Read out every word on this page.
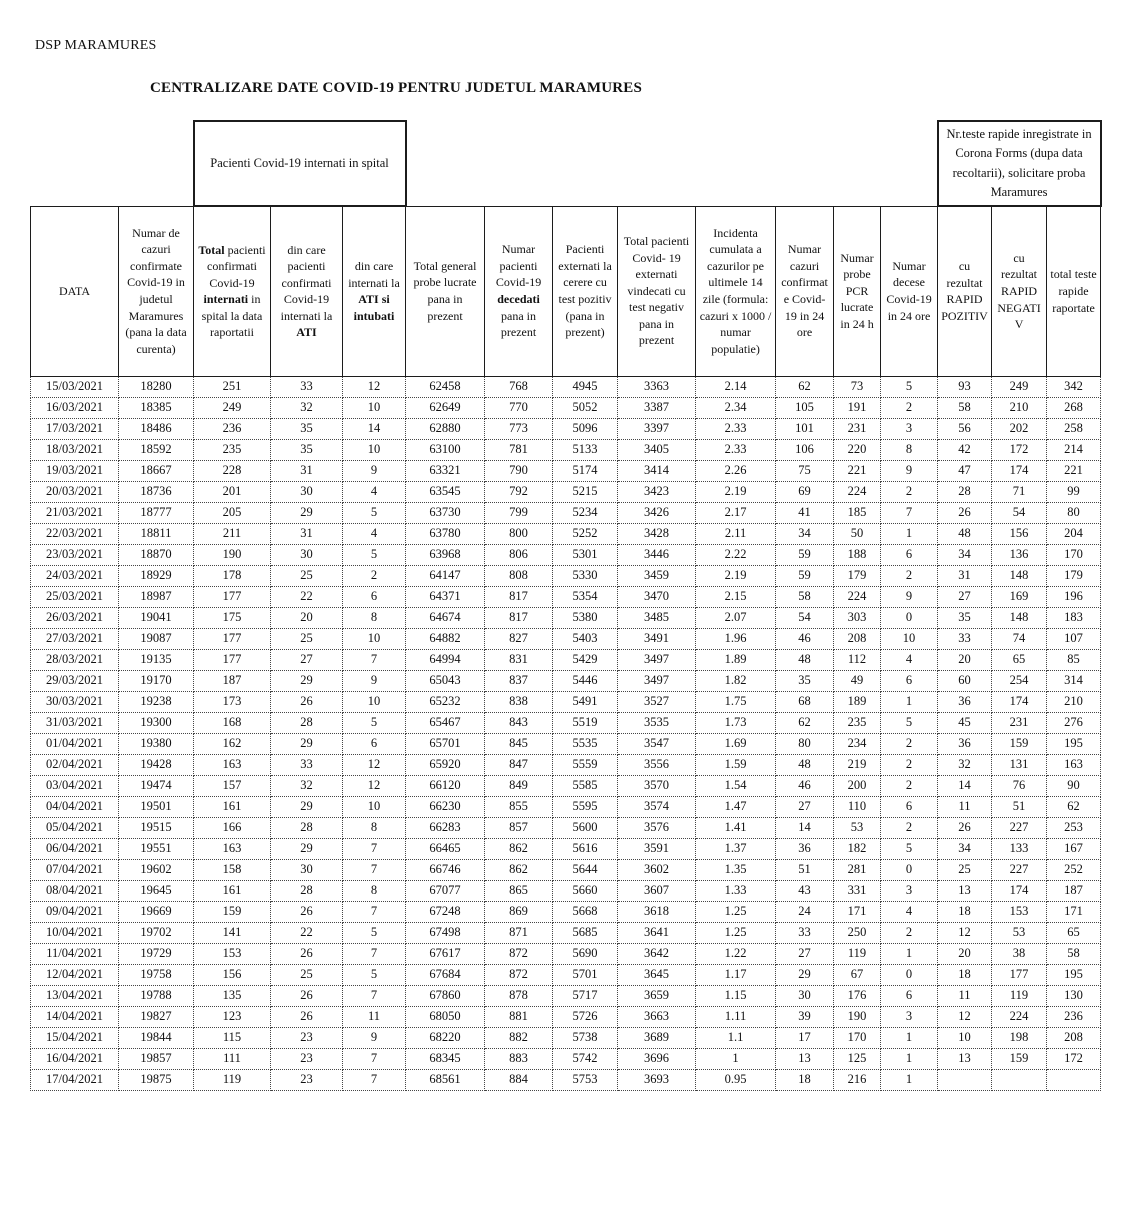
DSP MARAMURES
CENTRALIZARE DATE COVID-19 PENTRU JUDETUL MARAMURES
		Pacienti Covid-19 internati in spital											Nr.teste rapide inregistrate in Corona Forms (dupa data recoltarii), solicitare proba Maramures		
DATA	Numar de cazuri confirmate Covid-19 in judetul Maramures (pana la data curenta)	Total pacienti confirmati Covid-19 internati in spital la data raportatii	din care pacienti confirmati Covid-19 internati la ATI	din care internati la ATI si intubati	Total general probe lucrate pana in prezent	Numar pacienti Covid-19 decedati pana in prezent	Pacienti externati la cerere cu test pozitiv (pana in prezent)	Total pacienti Covid- 19 externati vindecati cu test negativ pana in prezent	Incidenta cumulata a cazurilor pe ultimele 14 zile (formula: cazuri x 1000 / numar populatie)	Numar cazuri confirmate Covid-19 in 24 ore	Numar probe PCR lucrate in 24 h	Numar decese Covid-19 in 24 ore	cu rezultat RAPID POZITIV	cu rezultat RAPID NEGATIV	total teste rapide raportate
15/03/2021	18280	251	33	12	62458	768	4945	3363	2.14	62	73	5	93	249	342
16/03/2021	18385	249	32	10	62649	770	5052	3387	2.34	105	191	2	58	210	268
17/03/2021	18486	236	35	14	62880	773	5096	3397	2.33	101	231	3	56	202	258
18/03/2021	18592	235	35	10	63100	781	5133	3405	2.33	106	220	8	42	172	214
19/03/2021	18667	228	31	9	63321	790	5174	3414	2.26	75	221	9	47	174	221
20/03/2021	18736	201	30	4	63545	792	5215	3423	2.19	69	224	2	28	71	99
21/03/2021	18777	205	29	5	63730	799	5234	3426	2.17	41	185	7	26	54	80
22/03/2021	18811	211	31	4	63780	800	5252	3428	2.11	34	50	1	48	156	204
23/03/2021	18870	190	30	5	63968	806	5301	3446	2.22	59	188	6	34	136	170
24/03/2021	18929	178	25	2	64147	808	5330	3459	2.19	59	179	2	31	148	179
25/03/2021	18987	177	22	6	64371	817	5354	3470	2.15	58	224	9	27	169	196
26/03/2021	19041	175	20	8	64674	817	5380	3485	2.07	54	303	0	35	148	183
27/03/2021	19087	177	25	10	64882	827	5403	3491	1.96	46	208	10	33	74	107
28/03/2021	19135	177	27	7	64994	831	5429	3497	1.89	48	112	4	20	65	85
29/03/2021	19170	187	29	9	65043	837	5446	3497	1.82	35	49	6	60	254	314
30/03/2021	19238	173	26	10	65232	838	5491	3527	1.75	68	189	1	36	174	210
31/03/2021	19300	168	28	5	65467	843	5519	3535	1.73	62	235	5	45	231	276
01/04/2021	19380	162	29	6	65701	845	5535	3547	1.69	80	234	2	36	159	195
02/04/2021	19428	163	33	12	65920	847	5559	3556	1.59	48	219	2	32	131	163
03/04/2021	19474	157	32	12	66120	849	5585	3570	1.54	46	200	2	14	76	90
04/04/2021	19501	161	29	10	66230	855	5595	3574	1.47	27	110	6	11	51	62
05/04/2021	19515	166	28	8	66283	857	5600	3576	1.41	14	53	2	26	227	253
06/04/2021	19551	163	29	7	66465	862	5616	3591	1.37	36	182	5	34	133	167
07/04/2021	19602	158	30	7	66746	862	5644	3602	1.35	51	281	0	25	227	252
08/04/2021	19645	161	28	8	67077	865	5660	3607	1.33	43	331	3	13	174	187
09/04/2021	19669	159	26	7	67248	869	5668	3618	1.25	24	171	4	18	153	171
10/04/2021	19702	141	22	5	67498	871	5685	3641	1.25	33	250	2	12	53	65
11/04/2021	19729	153	26	7	67617	872	5690	3642	1.22	27	119	1	20	38	58
12/04/2021	19758	156	25	5	67684	872	5701	3645	1.17	29	67	0	18	177	195
13/04/2021	19788	135	26	7	67860	878	5717	3659	1.15	30	176	6	11	119	130
14/04/2021	19827	123	26	11	68050	881	5726	3663	1.11	39	190	3	12	224	236
15/04/2021	19844	115	23	9	68220	882	5738	3689	1.1	17	170	1	10	198	208
16/04/2021	19857	111	23	7	68345	883	5742	3696	1	13	125	1	13	159	172
17/04/2021	19875	119	23	7	68561	884	5753	3693	0.95	18	216	1			
